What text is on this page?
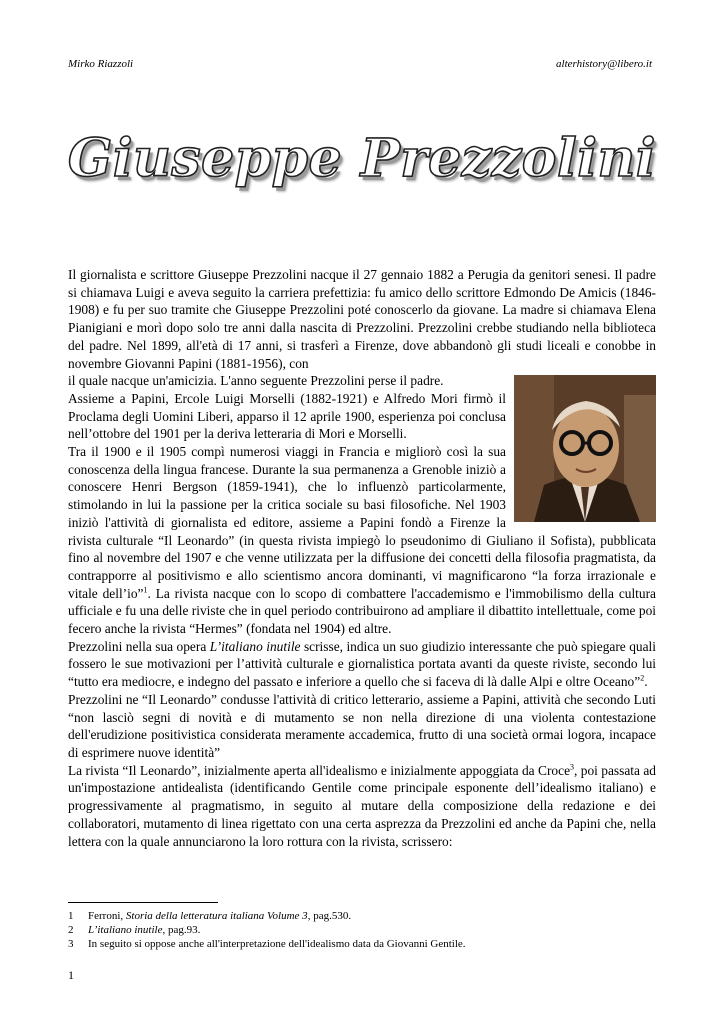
Mirko Riazzoli	alterhistory@libero.it
Giuseppe Prezzolini

Il giornalista e scrittore Giuseppe Prezzolini nacque il 27 gennaio 1882 a Perugia da genitori senesi. Il padre si chiamava Luigi e aveva seguito la carriera prefettizia: fu amico dello scrittore Edmondo De Amicis (1846-1908) e fu per suo tramite che Giuseppe Prezzolini poté conoscerlo da giovane. La madre si chiamava Elena Pianigiani e morì dopo solo tre anni dalla nascita di Prezzolini. Prezzolini crebbe studiando nella biblioteca del padre. Nel 1899, all'età di 17 anni, si trasferì a Firenze, dove abbandonò gli studi liceali e conobbe in novembre Giovanni Papini (1881-1956), con

il quale nacque un'amicizia. L'anno seguente Prezzolini perse il padre.

Assieme a Papini, Ercole Luigi Morselli (1882-1921) e Alfredo Mori firmò il Proclama degli Uomini Liberi, apparso il 12 aprile 1900, esperienza poi conclusa nell’ottobre del 1901 per la deriva letteraria di Mori e Morselli.

Tra il 1900 e il 1905 compì numerosi viaggi in Francia e migliorò così la sua conoscenza della lingua francese. Durante la sua permanenza a Grenoble iniziò a conoscere Henri Bergson (1859-1941), che lo influenzò particolarmente, stimolando in lui la passione per la critica sociale su basi filosofiche. Nel 1903 iniziò l'attività di giornalista ed editore, assieme a Papini fondò a Firenze la rivista culturale “Il Leonardo” (in questa rivista impiegò lo pseudonimo di Giuliano il Sofista), pubblicata fino al novembre del 1907 e che venne utilizzata per la diffusione dei concetti della filosofia pragmatista, da contrapporre al positivismo e allo scientismo ancora dominanti, vi magnificarono “la forza irrazionale e vitale dell’io”$^1$. La rivista nacque con lo scopo di combattere l'accademismo e l'immobilismo della cultura ufficiale e fu una delle riviste che in quel periodo contribuirono ad ampliare il dibattito intellettuale, come poi fecero anche la rivista “Hermes” (fondata nel 1904) ed altre.

Prezzolini nella sua opera L’italiano inutile scrisse, indica un suo giudizio interessante che può spiegare quali fossero le sue motivazioni per l’attività culturale e giornalistica portata avanti da queste riviste, secondo lui “tutto era mediocre, e indegno del passato e inferiore a quello che si faceva di là dalle Alpi e oltre Oceano”$^2$.

Prezzolini ne “Il Leonardo” condusse l'attività di critico letterario, assieme a Papini, attività che secondo Luti “non lasciò segni di novità e di mutamento se non nella direzione di una violenta contestazione dell'erudizione positivistica considerata meramente accademica, frutto di una società ormai logora, incapace di esprimere nuove identità”

La rivista “Il Leonardo”, inizialmente aperta all'idealismo e inizialmente appoggiata da Croce$^3$, poi passata ad un'impostazione antidealista (identificando Gentile come principale esponente dell’idealismo italiano) e progressivamente al pragmatismo, in seguito al mutare della composizione della redazione e dei collaboratori, mutamento di linea rigettato con una certa asprezza da Prezzolini ed anche da Papini che, nella lettera con la quale annunciarono la loro rottura con la rivista, scrissero:

1	Ferroni, Storia della letteratura italiana Volume 3, pag.530.
2	L’italiano inutile, pag.93.
3	In seguito si oppose anche all'interpretazione dell'idealismo data da Giovanni Gentile.
1
